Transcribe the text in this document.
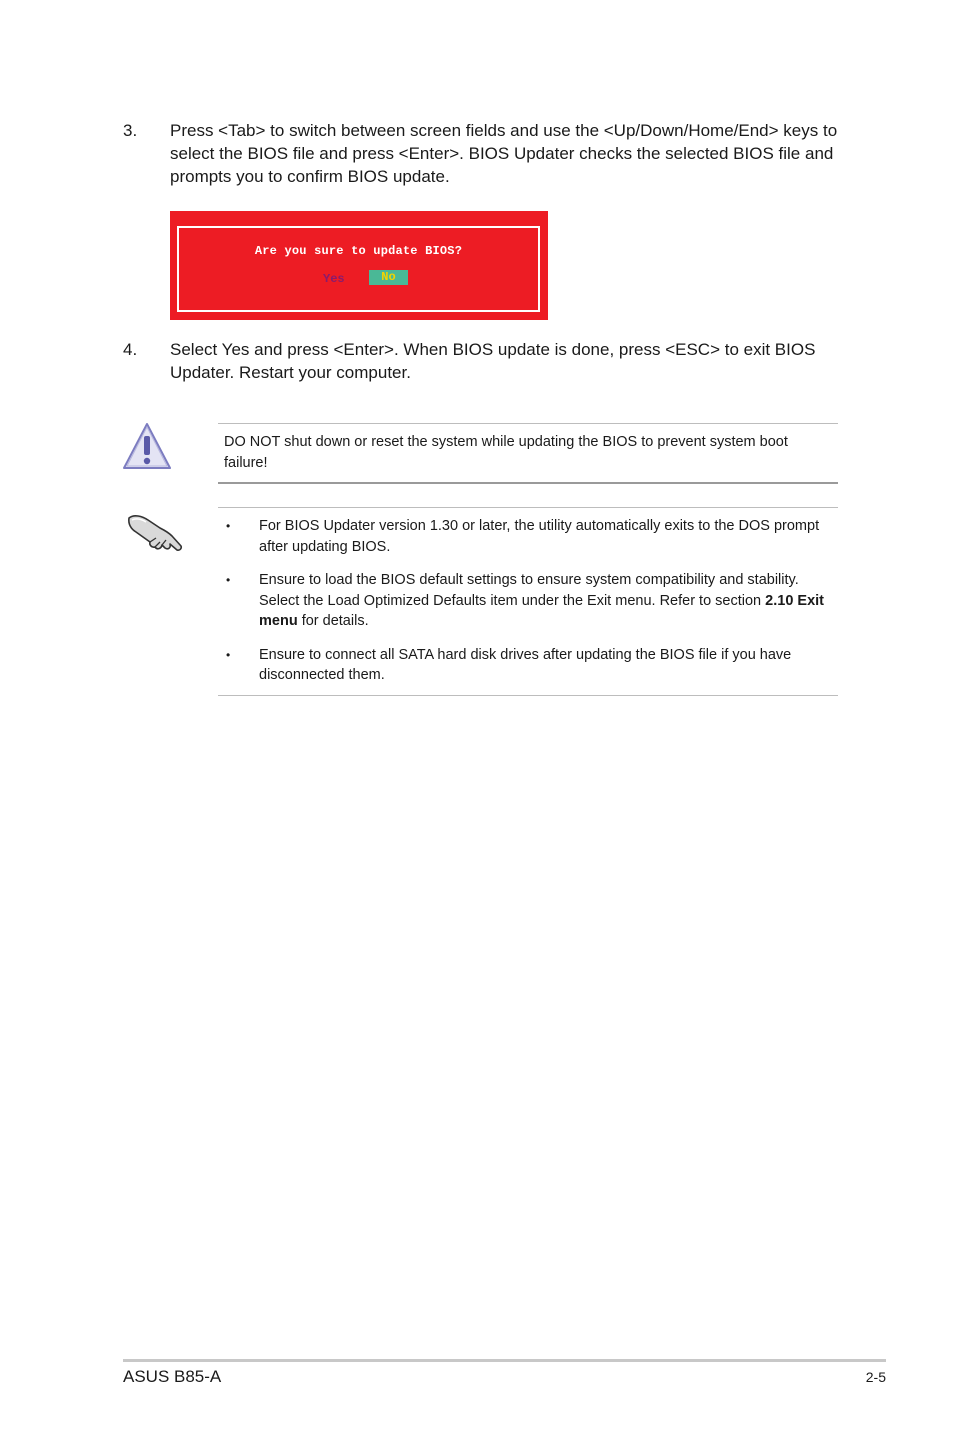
3. Press <Tab> to switch between screen fields and use the <Up/Down/Home/End> keys to select the BIOS file and press <Enter>. BIOS Updater checks the selected BIOS file and prompts you to confirm BIOS update.
Are you sure to update BIOS?
Yes	No
4. Select Yes and press <Enter>. When BIOS update is done, press <ESC> to exit BIOS Updater. Restart your computer.
DO NOT shut down or reset the system while updating the BIOS to prevent system boot failure!
• For BIOS Updater version 1.30 or later, the utility automatically exits to the DOS prompt after updating BIOS.
• Ensure to load the BIOS default settings to ensure system compatibility and stability. Select the Load Optimized Defaults item under the Exit menu. Refer to section 2.10 Exit menu for details.
• Ensure to connect all SATA hard disk drives after updating the BIOS file if you have disconnected them.
ASUS B85-A	2-5
